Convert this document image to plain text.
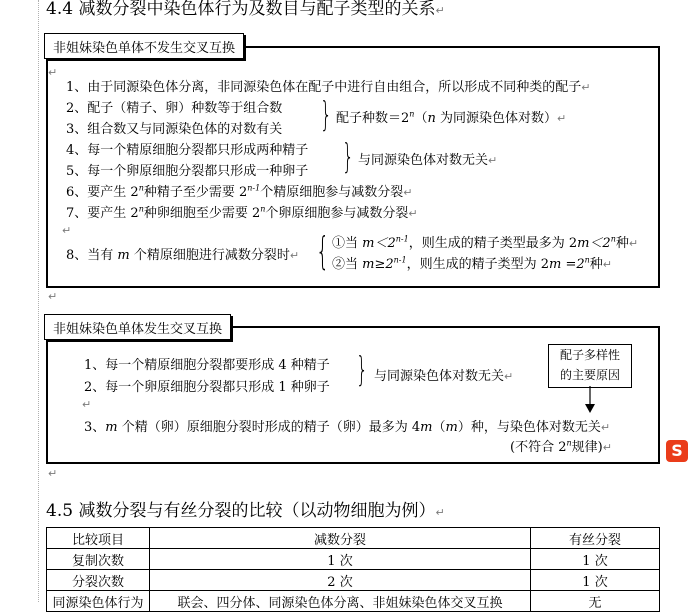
4.4 减数分裂中染色体行为及数目与配子类型的关系↵
非姐妹染色单体不发生交叉互换
↵
1、由于同源染色体分离，非同源染色体在配子中进行自由组合，所以形成不同种类的配子↵
2、配子（精子、卵）种数等于组合数
3、组合数又与同源染色体的对数有关 } 配子种数$=2^n(n$ 为同源染色体对数）↵
4、每一个精原细胞分裂都只形成两种精子
5、每一个卵原细胞分裂都只形成一种卵子 } 与同源染色体对数无关↵
6、要产生 2$^n$种精子至少需要 2$^{n-1}$个精原细胞参与减数分裂↵
7、要产生 2$^n$种卵细胞至少需要 2$^n$个卵原细胞参与减数分裂↵
↵
8、当有 m 个精原细胞进行减数分裂时↵ { ①当 $m<2^{n-1}$，则生成的精子类型最多为 $2m<2^n$种↵
②当 $m\ge 2^{n-1}$，则生成的精子类型为 $2m =2^n$种↵
↵
非姐妹染色单体发生交叉互换
1、每一个精原细胞分裂都要形成 4 种精子
2、每一个卵原细胞分裂都只形成 1 种卵子 } 与同源染色体对数无关↵
配子多样性
的主要原因
↵
3、m 个精（卵）原细胞分裂时形成的精子（卵）最多为 4m（m）种，与染色体对数无关↵
(不符合 2$^n$规律)↵	S
↵
4.5 减数分裂与有丝分裂的比较（以动物细胞为例）↵
比较项目	减数分裂	有丝分裂
复制次数	1 次	1 次
分裂次数	2 次	1 次
同源染色体行为	联会、四分体、同源染色体分离、非姐妹染色体交叉互换	无
